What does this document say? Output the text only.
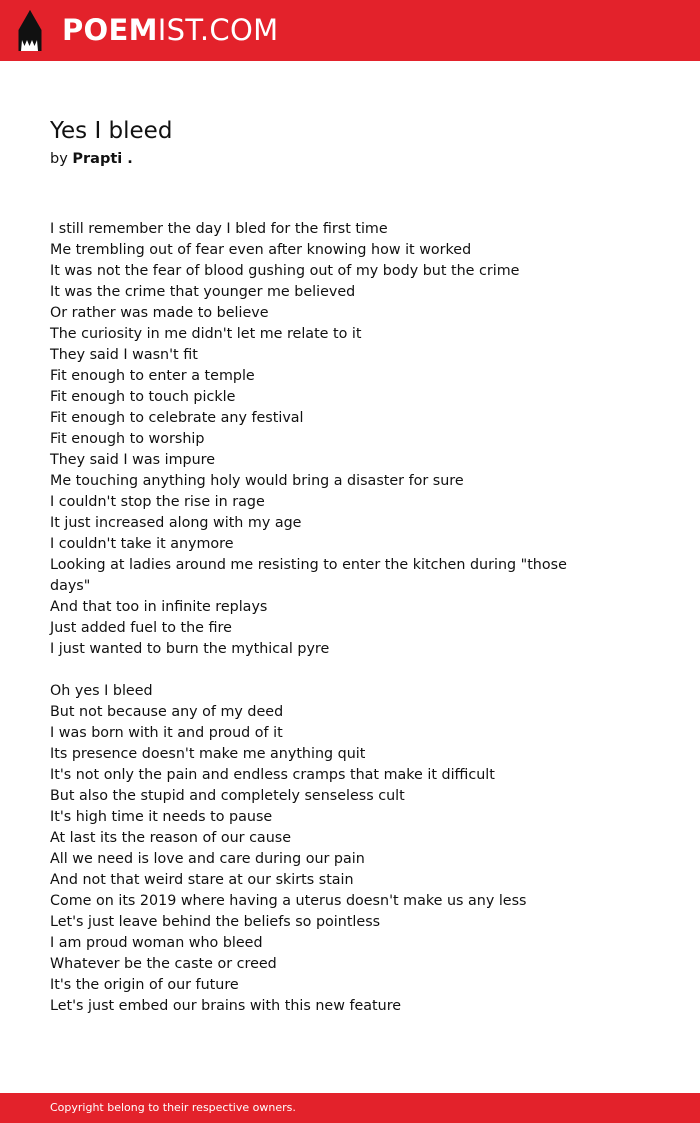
POEMIST.COM
Yes I bleed
by Prapti .
I still remember the day I bled for the first time
Me trembling out of fear even after knowing how it worked
It was not the fear of blood gushing out of my body but the crime
It was the crime that younger me believed
Or rather was made to believe
The curiosity in me didn't let me relate to it
They said I wasn't fit
Fit enough to enter a temple
Fit enough to touch pickle
Fit enough to celebrate any festival
Fit enough to worship
They said I was impure
Me touching anything holy would bring a disaster for sure
I couldn't stop the rise in rage
It just increased along with my age
I couldn't take it anymore
Looking at ladies around me resisting to enter the kitchen during "those
days"
And that too in infinite replays
Just added fuel to the fire
I just wanted to burn the mythical pyre
Oh yes I bleed
But not because any of my deed
I was born with it and proud of it
Its presence doesn't make me anything quit
It's not only the pain and endless cramps that make it difficult
But also the stupid and completely senseless cult
It's high time it needs to pause
At last its the reason of our cause
All we need is love and care during our pain
And not that weird stare at our skirts stain
Come on its 2019 where having a uterus doesn't make us any less
Let's just leave behind the beliefs so pointless
I am proud woman who bleed
Whatever be the caste or creed
It's the origin of our future
Let's just embed our brains with this new feature
Copyright belong to their respective owners.
